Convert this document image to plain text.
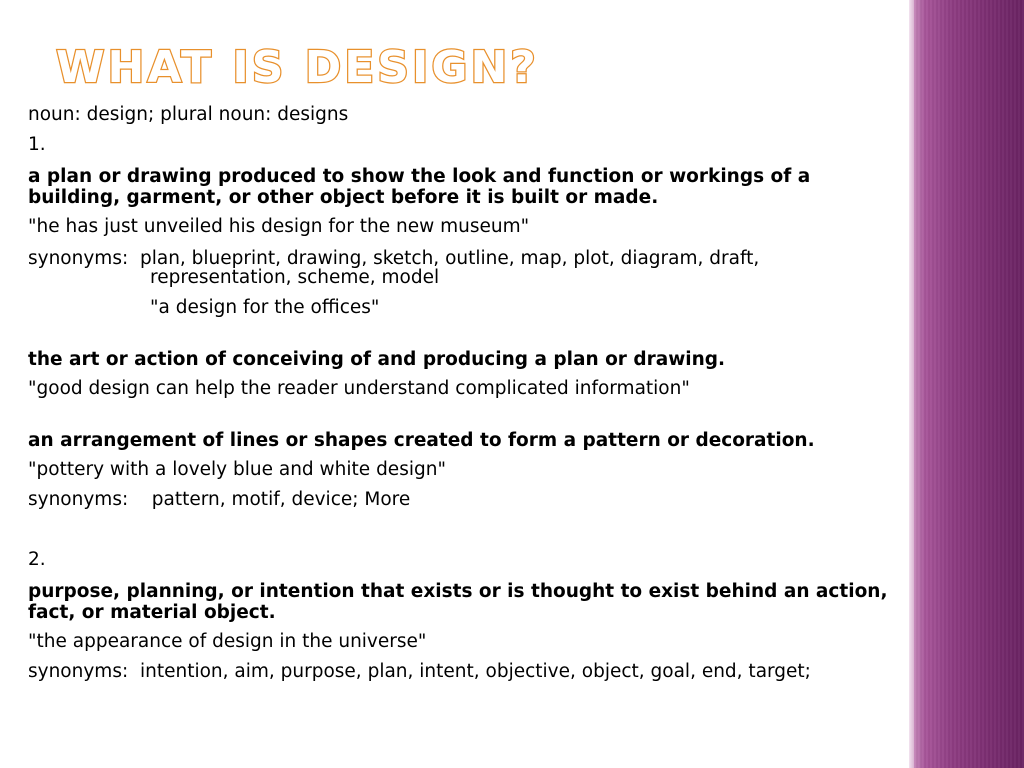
WHAT IS DESIGN?

noun: design; plural noun: designs

1.

a plan or drawing produced to show the look and function or workings of a building, garment, or other object before it is built or made.

"he has just unveiled his design for the new museum"

synonyms: plan, blueprint, drawing, sketch, outline, map, plot, diagram, draft,

representation, scheme, model

"a design for the offices"

the art or action of conceiving of and producing a plan or drawing.

"good design can help the reader understand complicated information"

an arrangement of lines or shapes created to form a pattern or decoration.

"pottery with a lovely blue and white design"

synonyms: pattern, motif, device; More

2.

purpose, planning, or intention that exists or is thought to exist behind an action, fact, or material object.

"the appearance of design in the universe"

synonyms: intention, aim, purpose, plan, intent, objective, object, goal, end, target;
